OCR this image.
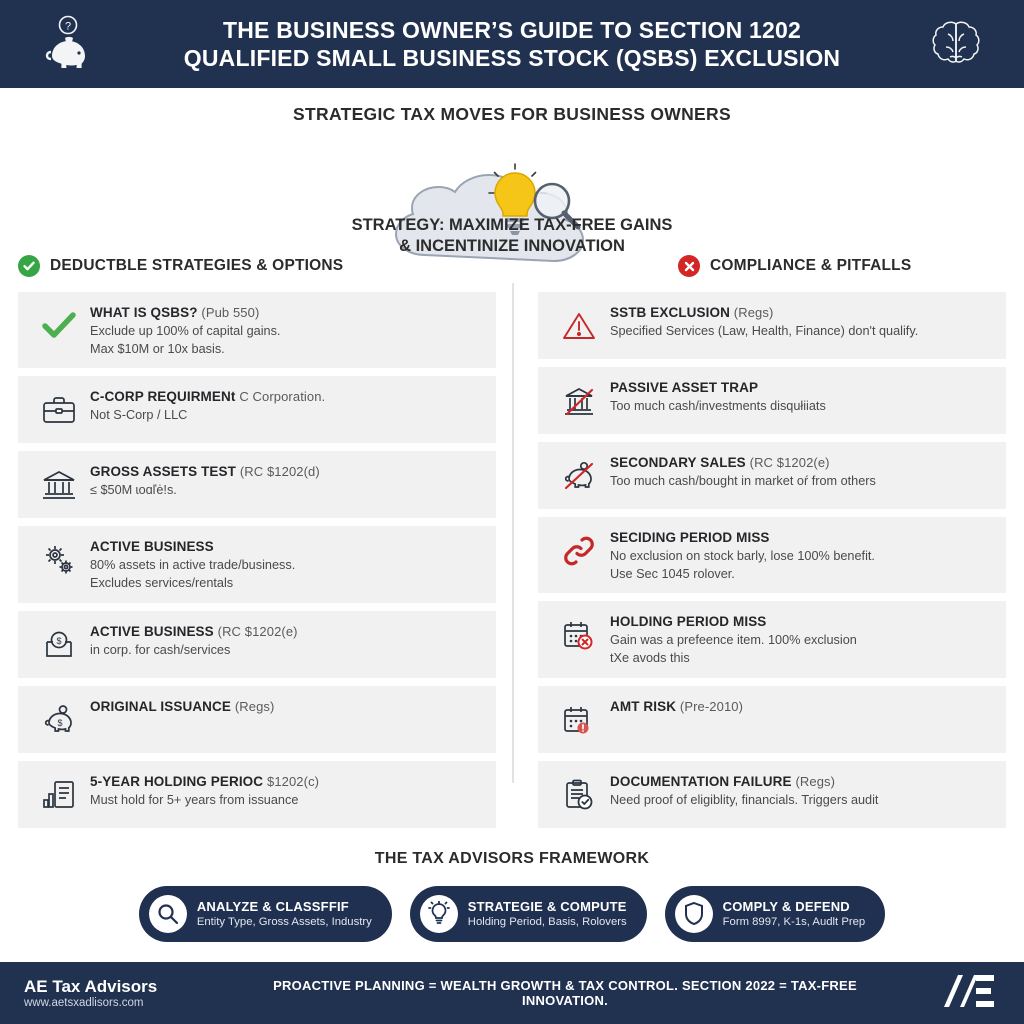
?	THE BUSINESS OWNER’S GUIDE TO SECTION 1202
QUALIFIED SMALL BUSINESS STOCK (QSBS) EXCLUSION
STRATEGIC TAX MOVES FOR BUSINESS OWNERS
STRATEGY: MAXIMIZE TAX-FREE GAINS
& INCENTINIZE INNOVATION
DEDUCTBLE STRATEGIES & OPTIONS
WHAT IS QSBS? (Pub 550)
Exclude up 100% of capital gains.
Max $10M or 10x basis.
C-CORP REQUIRMENt C Corporation.
Not S-Corp / LLC
GROSS ASSETS TEST (RC $1202(d)
≤ $50M ɩoɑľė!s.
ACTIVE BUSINESS
80% assets in active trade/business.
Excludes services/rentals
$
ACTIVE BUSINESS (RC $1202(e)
in corp. for cash/services
$
ORIGINAL ISSUANCE (Regs)
5-YEAR HOLDING PERIOC $1202(c)
Must hold for 5+ years from issuance
COMPLIANCE & PITFALLS
SSTB EXCLUSION (Regs)
Specified Services (Law, Health, Finance) don't qualify.
PASSIVE ASSET TRAP
Too much cash/investments disqułiiats
SECONDARY SALES (RC $1202(e)
Too much cash/bought in market oŕ from others
SECIDING PERIOD MISS
No exclusion on stock barly, lose 100% benefit.
Use Sec 1045 rolover.
HOLDING PERIOD MISS
Gain was a prefeence item. 100% exclusion
tXe avods this
AMT RISK (Pre-2010)
DOCUMENTATION FAILURE (Regs)
Need proof of eligiblity, financials. Triggers audit
THE TAX ADVISORS FRAMEWORK
ANALYZE & CLASSFFIF
Entity Type, Gross Assets, Industry
STRATEGIE & COMPUTE
Holding Period, Basis, Rolovers
COMPLY & DEFEND
Form 8997, K-1s, Audlt Prep
AE Tax Advisors
www.aetsxadlisors.com
PROACTIVE PLANNING = WEALTH GROWTH & TAX CONTROL. SECTION 2022 = TAX-FREE INNOVATION.
